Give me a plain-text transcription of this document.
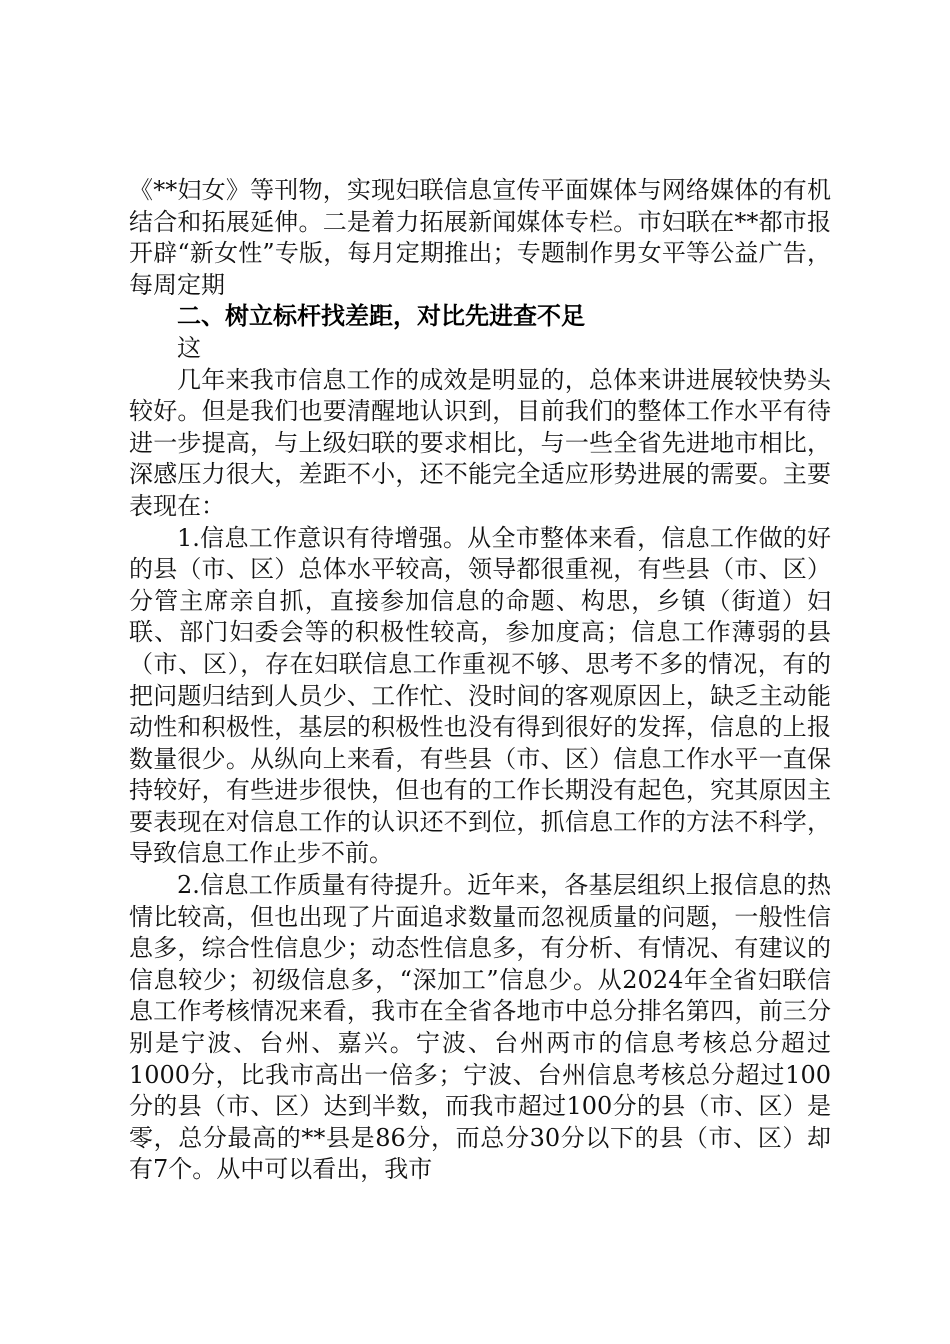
《**妇女》等刊物，实现妇联信息宣传平面媒体与网络媒体的有机结合和拓展延伸。二是着力拓展新闻媒体专栏。市妇联在**都市报开辟“新女性”专版，每月定期推出；专题制作男女平等公益广告，每周定期

二、树立标杆找差距，对比先进查不足

这

几年来我市信息工作的成效是明显的，总体来讲进展较快势头较好。但是我们也要清醒地认识到，目前我们的整体工作水平有待进一步提高，与上级妇联的要求相比，与一些全省先进地市相比，深感压力很大，差距不小，还不能完全适应形势进展的需要。主要表现在：

1.信息工作意识有待增强。从全市整体来看，信息工作做的好的县（市、区）总体水平较高，领导都很重视，有些县（市、区）分管主席亲自抓，直接参加信息的命题、构思，乡镇（街道）妇联、部门妇委会等的积极性较高，参加度高；信息工作薄弱的县（市、区），存在妇联信息工作重视不够、思考不多的情况，有的把问题归结到人员少、工作忙、没时间的客观原因上，缺乏主动能动性和积极性，基层的积极性也没有得到很好的发挥，信息的上报数量很少。从纵向上来看，有些县（市、区）信息工作水平一直保持较好，有些进步很快，但也有的工作长期没有起色，究其原因主要表现在对信息工作的认识还不到位，抓信息工作的方法不科学，导致信息工作止步不前。

2.信息工作质量有待提升。近年来，各基层组织上报信息的热情比较高，但也出现了片面追求数量而忽视质量的问题，一般性信息多，综合性信息少；动态性信息多，有分析、有情况、有建议的信息较少；初级信息多，“深加工”信息少。从2024年全省妇联信息工作考核情况来看，我市在全省各地市中总分排名第四，前三分别是宁波、台州、嘉兴。宁波、台州两市的信息考核总分超过1000分，比我市高出一倍多；宁波、台州信息考核总分超过100分的县（市、区）达到半数，而我市超过100分的县（市、区）是零，总分最高的**县是86分，而总分30分以下的县（市、区）却有7个。从中可以看出，我市
